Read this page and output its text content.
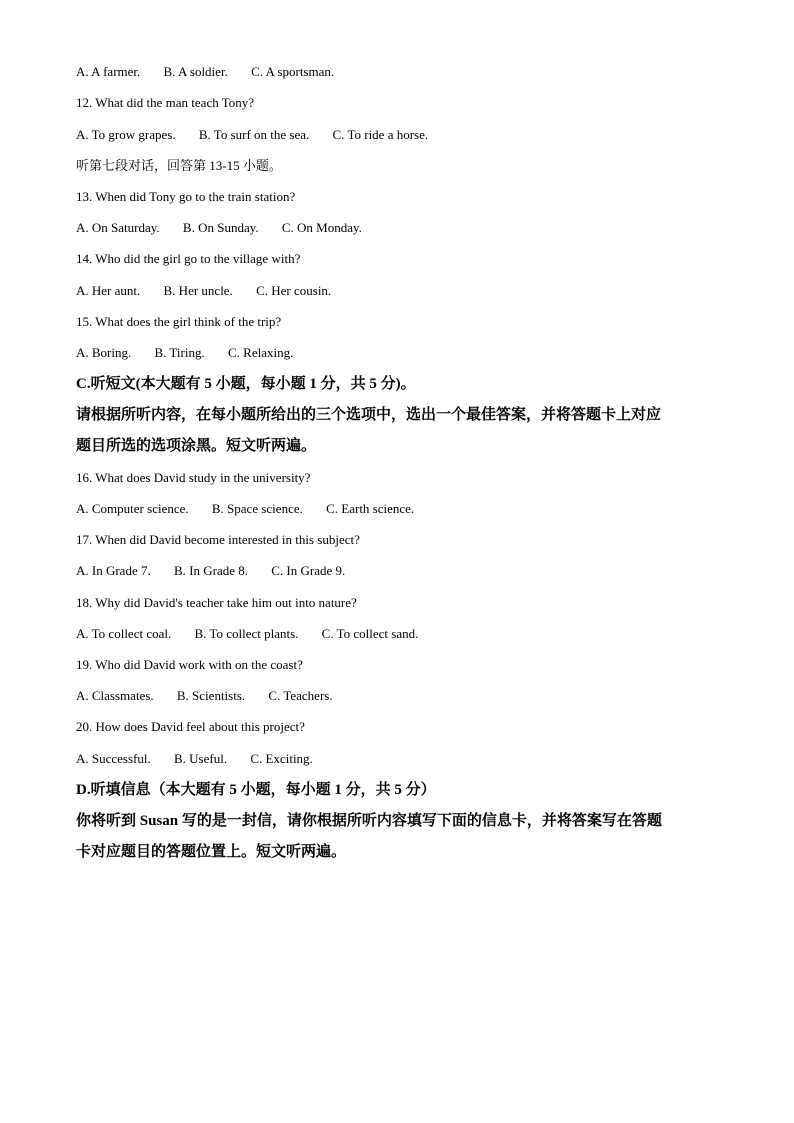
A. A farmer. B. A soldier. C. A sportsman.
12. What did the man teach Tony?
A. To grow grapes. B. To surf on the sea. C. To ride a horse.
听第七段对话，回答第 13-15 小题。
13. When did Tony go to the train station?
A. On Saturday. B. On Sunday. C. On Monday.
14. Who did the girl go to the village with?
A. Her aunt. B. Her uncle. C. Her cousin.
15. What does the girl think of the trip?
A. Boring. B. Tiring. C. Relaxing.
C.听短文(本大题有 5 小题，每小题 1 分，共 5 分)。
请根据所听内容，在每小题所给出的三个选项中，选出一个最佳答案，并将答题卡上对应
题目所选的选项涂黑。短文听两遍。
16. What does David study in the university?
A. Computer science. B. Space science. C. Earth science.
17. When did David become interested in this subject?
A. In Grade 7. B. In Grade 8. C. In Grade 9.
18. Why did David's teacher take him out into nature?
A. To collect coal. B. To collect plants. C. To collect sand.
19. Who did David work with on the coast?
A. Classmates. B. Scientists. C. Teachers.
20. How does David feel about this project?
A. Successful. B. Useful. C. Exciting.
D.听填信息（本大题有 5 小题，每小题 1 分，共 5 分）
你将听到 Susan 写的是一封信，请你根据所听内容填写下面的信息卡，并将答案写在答题
卡对应题目的答题位置上。短文听两遍。
